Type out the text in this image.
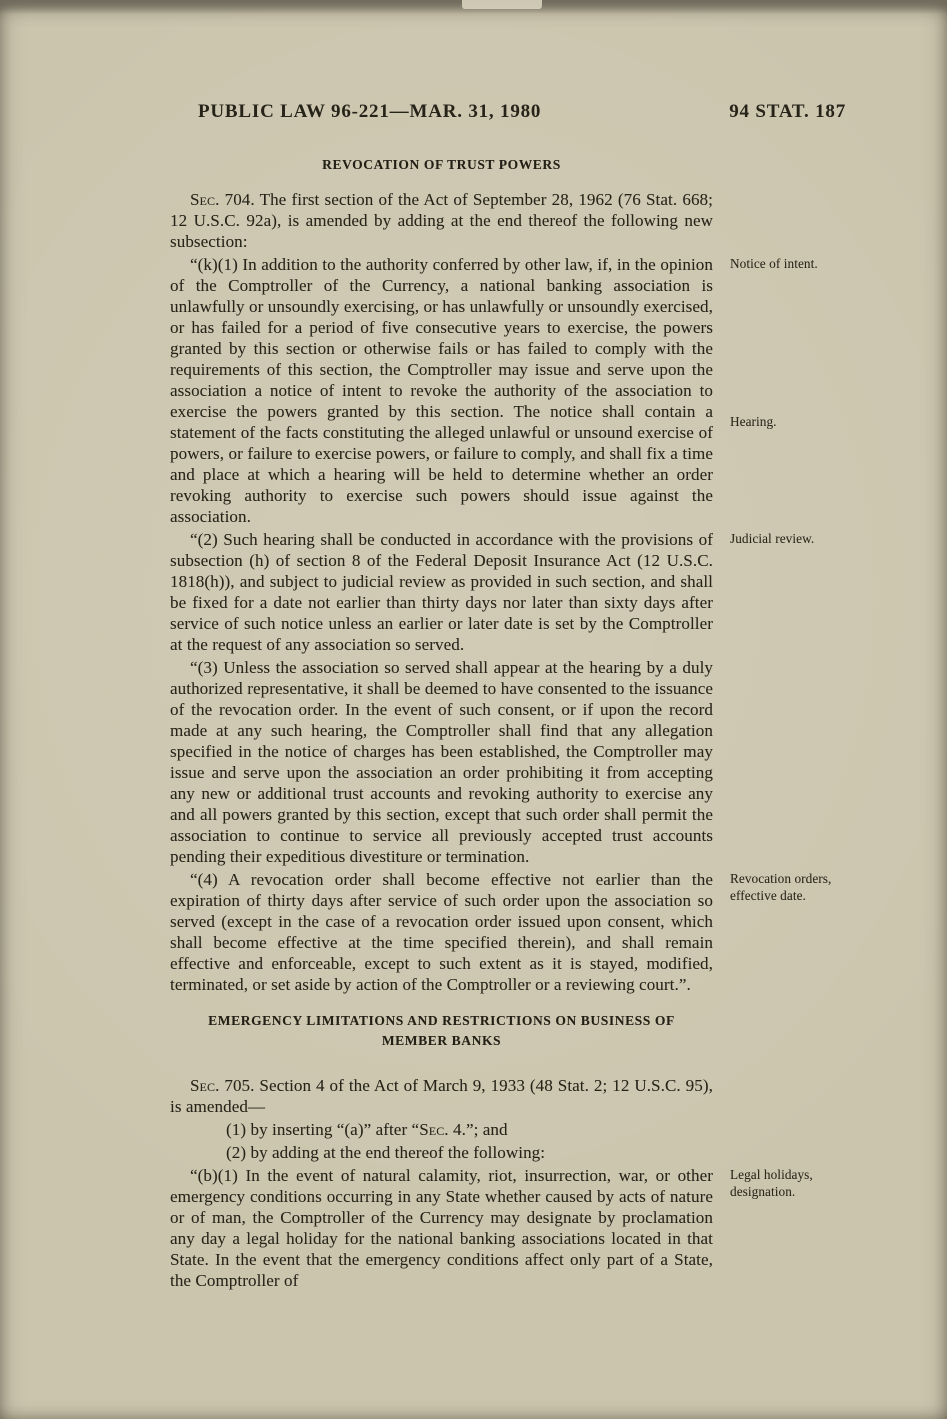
PUBLIC LAW 96-221—MAR. 31, 1980	94 STAT. 187
REVOCATION OF TRUST POWERS

Sec. 704. The first section of the Act of September 28, 1962 (76 Stat. 668; 12 U.S.C. 92a), is amended by adding at the end thereof the following new subsection:

“(k)(1) In addition to the authority conferred by other law, if, in the opinion of the Comptroller of the Currency, a national banking association is unlawfully or unsoundly exercising, or has unlawfully or unsoundly exercised, or has failed for a period of five consecutive years to exercise, the powers granted by this section or otherwise fails or has failed to comply with the requirements of this section, the Comptroller may issue and serve upon the association a notice of intent to revoke the authority of the association to exercise the powers granted by this section. The notice shall contain a statement of the facts constituting the alleged unlawful or unsound exercise of powers, or failure to exercise powers, or failure to comply, and shall fix a time and place at which a hearing will be held to determine whether an order revoking authority to exercise such powers should issue against the association.
Notice of intent.
Hearing.

“(2) Such hearing shall be conducted in accordance with the provisions of subsection (h) of section 8 of the Federal Deposit Insurance Act (12 U.S.C. 1818(h)), and subject to judicial review as provided in such section, and shall be fixed for a date not earlier than thirty days nor later than sixty days after service of such notice unless an earlier or later date is set by the Comptroller at the request of any association so served.
Judicial review.

“(3) Unless the association so served shall appear at the hearing by a duly authorized representative, it shall be deemed to have consented to the issuance of the revocation order. In the event of such consent, or if upon the record made at any such hearing, the Comptroller shall find that any allegation specified in the notice of charges has been established, the Comptroller may issue and serve upon the association an order prohibiting it from accepting any new or additional trust accounts and revoking authority to exercise any and all powers granted by this section, except that such order shall permit the association to continue to service all previously accepted trust accounts pending their expeditious divestiture or termination.

“(4) A revocation order shall become effective not earlier than the expiration of thirty days after service of such order upon the association so served (except in the case of a revocation order issued upon consent, which shall become effective at the time specified therein), and shall remain effective and enforceable, except to such extent as it is stayed, modified, terminated, or set aside by action of the Comptroller or a reviewing court.”.
Revocation orders, effective date.

EMERGENCY LIMITATIONS AND RESTRICTIONS ON BUSINESS OF MEMBER BANKS

Sec. 705. Section 4 of the Act of March 9, 1933 (48 Stat. 2; 12 U.S.C. 95), is amended—

(1) by inserting “(a)” after “Sec. 4.”; and

(2) by adding at the end thereof the following:

“(b)(1) In the event of natural calamity, riot, insurrection, war, or other emergency conditions occurring in any State whether caused by acts of nature or of man, the Comptroller of the Currency may designate by proclamation any day a legal holiday for the national banking associations located in that State. In the event that the emergency conditions affect only part of a State, the Comptroller of
Legal holidays, designation.
